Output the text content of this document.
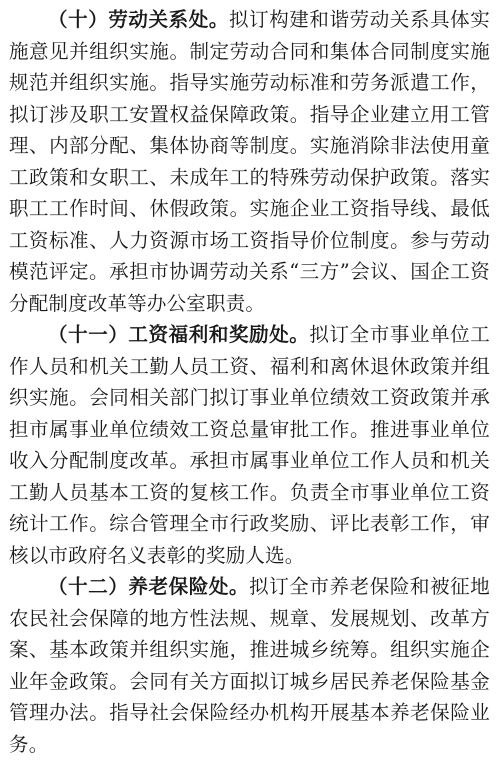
（十）劳动关系处。拟订构建和谐劳动关系具体实施意见并组织实施。制定劳动合同和集体合同制度实施规范并组织实施。指导实施劳动标准和劳务派遣工作，拟订涉及职工安置权益保障政策。指导企业建立用工管理、内部分配、集体协商等制度。实施消除非法使用童工政策和女职工、未成年工的特殊劳动保护政策。落实职工工作时间、休假政策。实施企业工资指导线、最低工资标准、人力资源市场工资指导价位制度。参与劳动模范评定。承担市协调劳动关系“三方”会议、国企工资分配制度改革等办公室职责。

（十一）工资福利和奖励处。拟订全市事业单位工作人员和机关工勤人员工资、福利和离休退休政策并组织实施。会同相关部门拟订事业单位绩效工资政策并承担市属事业单位绩效工资总量审批工作。推进事业单位收入分配制度改革。承担市属事业单位工作人员和机关工勤人员基本工资的复核工作。负责全市事业单位工资统计工作。综合管理全市行政奖励、评比表彰工作，审核以市政府名义表彰的奖励人选。

（十二）养老保险处。拟订全市养老保险和被征地农民社会保障的地方性法规、规章、发展规划、改革方案、基本政策并组织实施，推进城乡统筹。组织实施企业年金政策。会同有关方面拟订城乡居民养老保险基金管理办法。指导社会保险经办机构开展基本养老保险业务。
